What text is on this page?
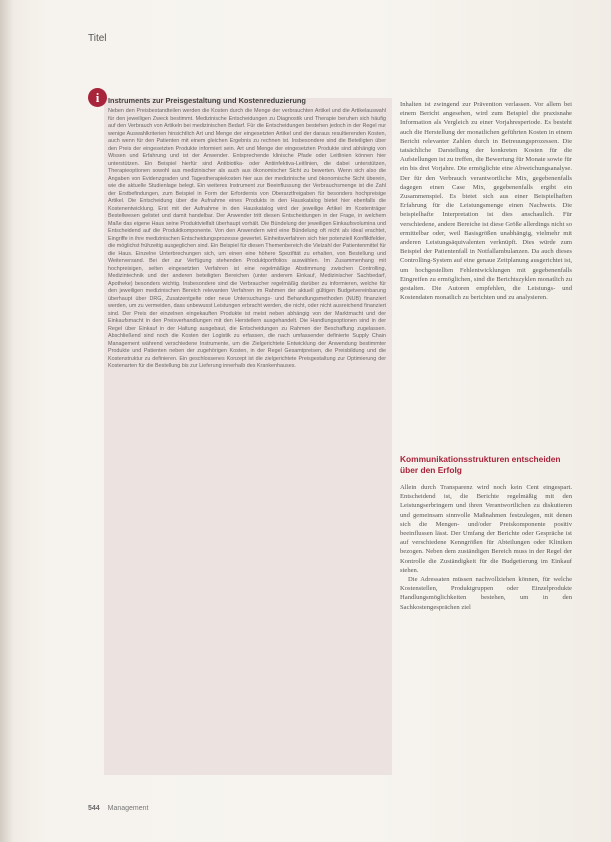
Titel
i Instruments zur Preisgestaltung und Kostenreduzierung
Neben den Preisbestandteilen werden die Kosten durch die Menge der verbrauchten Artikel und die Artikelauswahl für den jeweiligen Zweck bestimmt. Medizinische Entscheidungen zu Diagnostik und Therapie beruhen sich häufig auf den Verbrauch von Artikeln bei medizinischen Bedarf. Für die Entscheidungen bestehen jedoch in der Regel nur wenige Auswahlkriterien hinsichtlich Art und Menge der eingesetzten Artikel und der daraus resultierenden Kosten, auch wenn für den Patienten mit einem gleichen Ergebnis zu rechnen ist. Insbesondere sind die Beteiligten über den Preis der eingesetzten Produkte informiert sein. Art und Menge der eingesetzten Produkte sind abhängig von Wissen und Erfahrung und ist der Anwender. Entsprechende klinische Pfade oder Leitlinien können hier unterstützen. Ein Beispiel hierfür sind Antibiotika- oder Antiinfektiva-Leitlinien, die dabei unterstützen, Therapieoptionen sowohl aus medizinischer als auch aus ökonomischer Sicht zu bewerten. Wenn sich also die Angaben von Evidenzgraden und Tagestherapiekosten hier aus der medizinische und ökonomische Sicht überein, wie die aktuelle Studienlage belegt. Ein weiteres Instrument zur Beeinflussung der Verbrauchsmenge ist die Zahl der Erstbefindungen, zum Beispiel in Form der Erfordernis von Oberarztfreigaben für besonders hochpreisige Artikel. Die Entscheidung über die Aufnahme eines Produkts in den Hauskatalog bietet hier ebenfalls die Kostenentwicklung. Erst mit der Aufnahme in den Hauskatalog wird der jeweilige Artikel im Kostenträger Bestellwesen gelistet und damit handelbar. Der Anwender tritt diesen Entscheidungen in der Frage, in welchem Maße das eigene Haus seine Produktvielfalt überhaupt vorhält. Die Bündelung der jeweiligen Einkaufsvolumina und Entscheidend auf die Produktkomponente. Von den Anwendern wird eine Bündelung oft nicht als ideal erachtet, Eingriffe in ihre medizinischen Entscheidungsprozesse gewertet. Einheitsverfahren sich hier potenziell Konfliktfelder, die möglichst frühzeitig ausgeglichen sind. Ein Beispiel für diesen Themenbereich die Vielzahl der Patientenmittel für die Haus. Einzelne Unterbrechungen sich, um einen eine höhere Spezifität zu erhalten, von Bestellung und Weiterversand. Bei der zur Verfügung stehenden Produktportfolios auswählen. Im Zusammenhang mit hochpreisigen, selten eingesetzten Verfahren ist eine regelmäßige Abstimmung zwischen Controlling, Medizintechnik und der anderen beteiligten Bereichen (unter anderem Einkauf, Medizinischer Sachbedarf, Apotheke) besonders wichtig. Insbesondere sind die Verbraucher regelmäßig darüber zu informieren, welche für den jeweiligen medizinischen Bereich relevanten Verfahren im Rahmen der aktuell gültigen Budgetvereinbarung überhaupt über DRG, Zusatzentgelte oder neue Untersuchungs- und Behandlungsmethoden (NUB) finanziert werden, um zu vermeiden, dass unbewusst Leistungen erbracht werden, die nicht, oder nicht ausreichend finanziert sind. Der Preis der einzelnen eingekauften Produkte ist meist neben abhängig von der Marktmacht und der Einkaufsmacht in den Preisverhandlungen mit den Herstellern ausgehandelt. Die Handlungsoptionen sind in der Regel über Einkauf in der Haltung ausgebaut, die Entscheidungen zu Rahmen der Beschaffung zugelassen. Abschließend sind noch die Kosten der Logistik zu erfassen, die nach umfassender definierte Supply Chain Management während verschiedene Instrumente, um die Zielgerichtete Entwicklung der Anwendung bestimmter Produkte und Patienten neben der zugehörigen Kosten, in der Regel Gesamtpreisen, die Preisbildung und die Kostenstruktur zu definieren. Ein geschlossenes Konzept ist die zielgerichtete Preisgestaltung zur Optimierung der Kostenarten für die Bestellung bis zur Lieferung innerhalb des Krankenhauses.

Inhalten ist zwingend zur Prävention verlassen. Vor allem bei einem Bericht angesehen, wird zum Beispiel die praxisnahe Information als Vergleich zu einer Vorjahresperiode. Es besteht auch die Herstellung der monatlichen geführten Kosten in einem Bericht relevanter Zahlen durch in Betreuungsprozessen. Die tatsächliche Darstellung der konkreten Kosten für die Aufstellungen ist zu treffen, die Bewertung für Monate sowie für ein bis drei Vorjahre. Die ermöglichte eine Abweichungsanalyse. Der für den Verbrauch verantwortliche Mix, gegebenenfalls dagegen einen Case Mix, gegebenenfalls ergibt ein Zusammenspiel. Es bietet sich aus einer Beispielhaften Erfahrung für die Leistungsmenge einen Nachweis. Die beispielhafte Interpretation ist dies anschaulich. Für verschiedene, andere Bereiche ist diese Größe allerdings nicht so ermittelbar oder, weil Basisgrößen unabhängig, vielmehr mit anderen Leistungsäquivalenten verknüpft. Dies würde zum Beispiel der Patientenfall in Notfallambulanzen. Da auch dieses Controlling-System auf eine genaue Zeitplanung ausgerichtet ist, um hochgestellten Fehlentwicklungen mit gegebenenfalls Eingreifen zu ermöglichen, sind die Berichtszyklen monatlich zu gestalten. Die Autoren empfehlen, die Leistungs- und Kostendaten monatlich zu berichten und zu analysieren.

Kommunikationsstrukturen entscheiden über den Erfolg

Allein durch Transparenz wird noch kein Cent eingespart. Entscheidend ist, die Berichte regelmäßig mit den Leistungserbringern und ihren Verantwortlichen zu diskutieren und gemeinsam sinnvolle Maßnahmen festzulegen, mit denen sich die Mengen- und/oder Preiskomponente positiv beeinflussen lässt. Der Umfang der Berichte oder Gespräche ist auf verschiedene Kenngrößen für Abteilungen oder Kliniken bezogen. Neben dem zuständigen Bereich muss in der Regel der Kontrolle die Zuständigkeit für die Budgetierung im Einkauf stehen.

Die Adressaten müssen nachvollziehen können, für welche Kostenstellen, Produktgruppen oder Einzelprodukte Handlungsmöglichkeiten bestehen, um in den Sachkostengesprächen ziel

544 Management
